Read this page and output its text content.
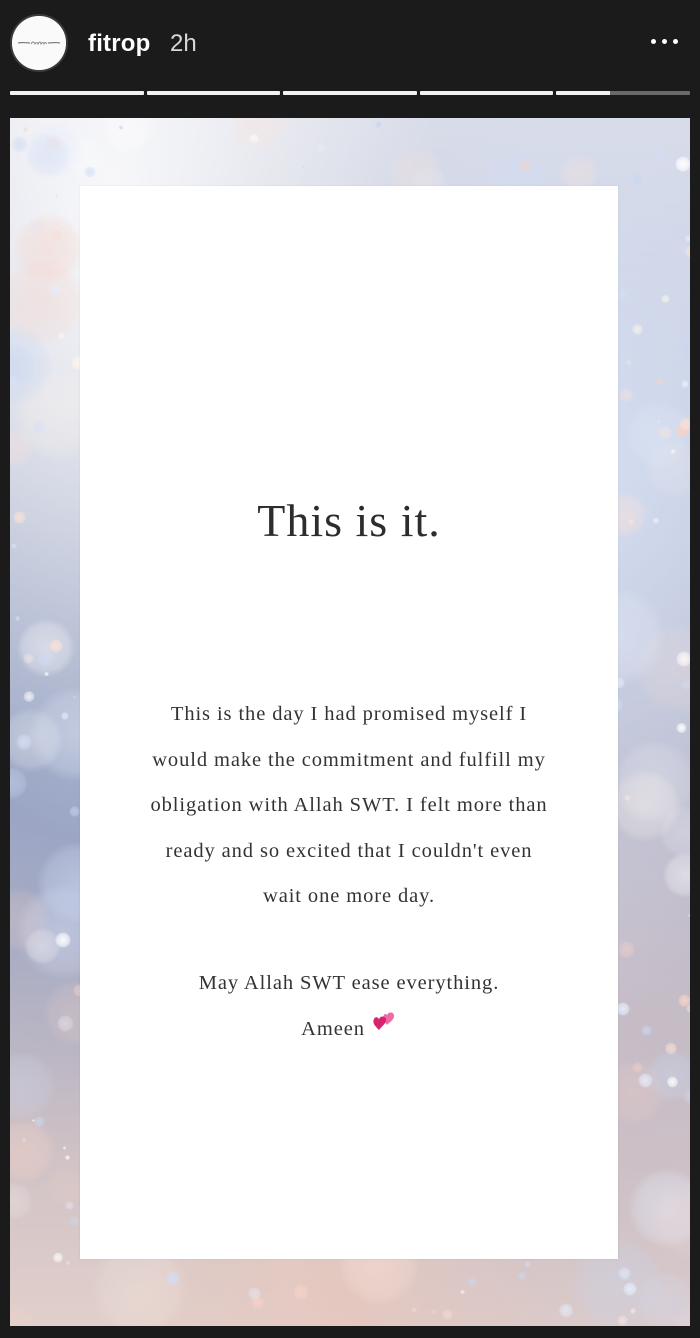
fitrop 2h
This is it.
This is the day I had promised myself I
would make the commitment and fulfill my
obligation with Allah SWT. I felt more than
ready and so excited that I couldn't even
wait one more day.
May Allah SWT ease everything.
Ameen
